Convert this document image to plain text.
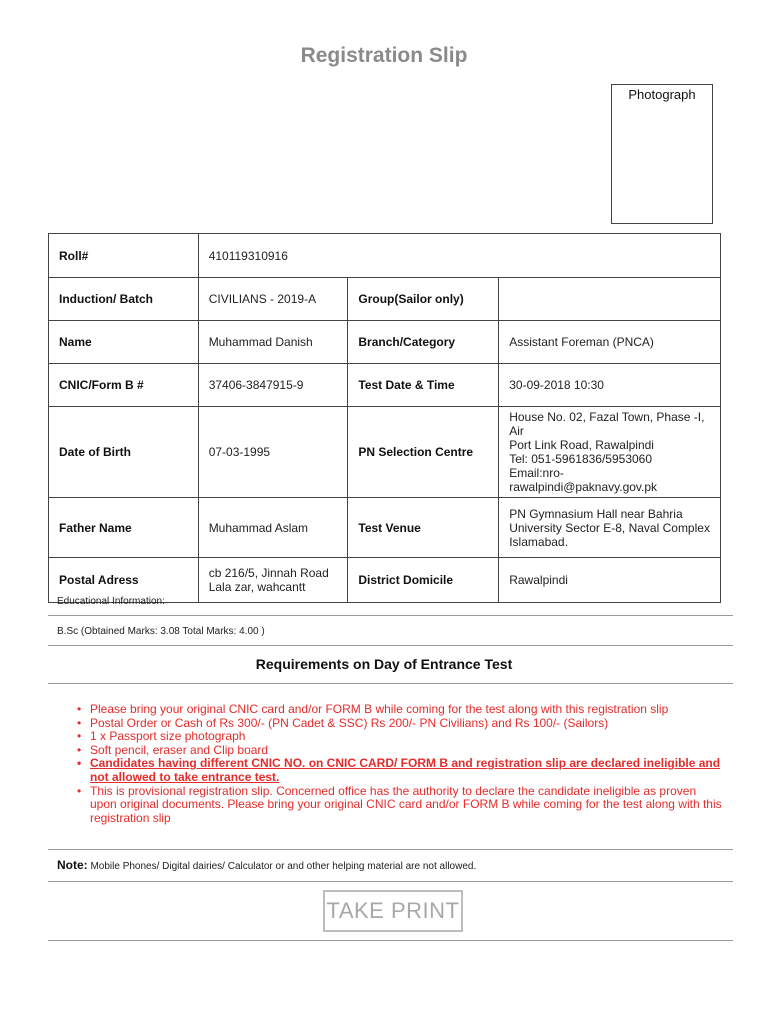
Registration Slip
Photograph
Roll#	410119310916		
Induction/ Batch	CIVILIANS - 2019-A	Group(Sailor only)	
Name	Muhammad Danish	Branch/Category	Assistant Foreman (PNCA)
CNIC/Form B #	37406-3847915-9	Test Date & Time	30-09-2018 10:30
Date of Birth	07-03-1995	PN Selection Centre	House No. 02, Fazal Town, Phase -I, Air
Port Link Road, Rawalpindi
Tel: 051-5961836/5953060
Email:nro-rawalpindi@paknavy.gov.pk

Father Name	Muhammad Aslam	Test Venue	PN Gymnasium Hall near Bahria
University Sector E-8, Naval Complex
Islamabad.

Postal Adress	cb 216/5, Jinnah Road
Lala zar, wahcantt	District Domicile	Rawalpindi
Educational Information:
B.Sc (Obtained Marks: 3.08 Total Marks: 4.00 )
Requirements on Day of Entrance Test
• Please bring your original CNIC card and/or FORM B while coming for the test along with this registration slip
• Postal Order or Cash of Rs 300/- (PN Cadet & SSC) Rs 200/- PN Civilians) and Rs 100/- (Sailors)
• 1 x Passport size photograph
• Soft pencil, eraser and Clip board
• Candidates having different CNIC NO. on CNIC CARD/ FORM B and registration slip are declared ineligible and not allowed to take entrance test.
• This is provisional registration slip. Concerned office has the authority to declare the candidate ineligible as proven upon original documents. Please bring your original CNIC card and/or FORM B while coming for the test along with this registration slip
Note: Mobile Phones/ Digital dairies/ Calculator or and other helping material are not allowed.
TAKE PRINT
